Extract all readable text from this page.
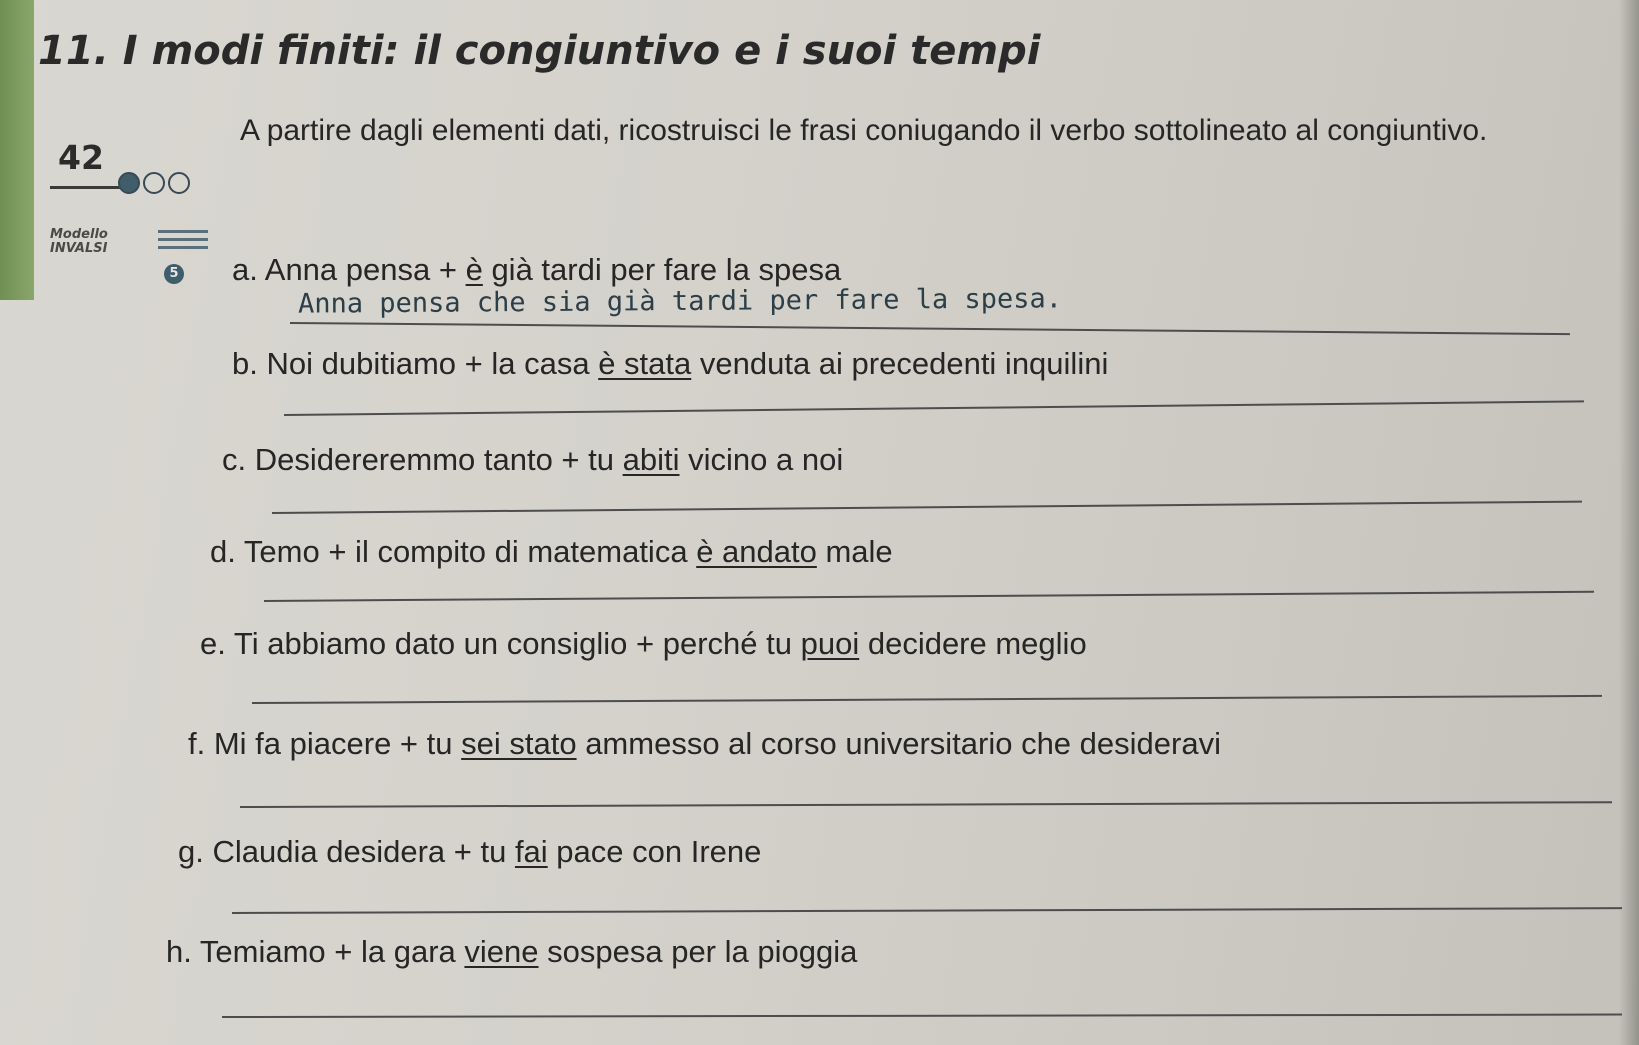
11. I modi finiti: il congiuntivo e i suoi tempi
42
A partire dagli elementi dati, ricostruisci le frasi coniugando il verbo sottolineato al congiuntivo.
Modello
INVALSI
5 a. Anna pensa + è già tardi per fare la spesa
Anna pensa che sia già tardi per fare la spesa.
b. Noi dubitiamo + la casa è stata venduta ai precedenti inquilini
c. Desidereremmo tanto + tu abiti vicino a noi
d. Temo + il compito di matematica è andato male
e. Ti abbiamo dato un consiglio + perché tu puoi decidere meglio
f. Mi fa piacere + tu sei stato ammesso al corso universitario che desideravi
g. Claudia desidera + tu fai pace con Irene
h. Temiamo + la gara viene sospesa per la pioggia
